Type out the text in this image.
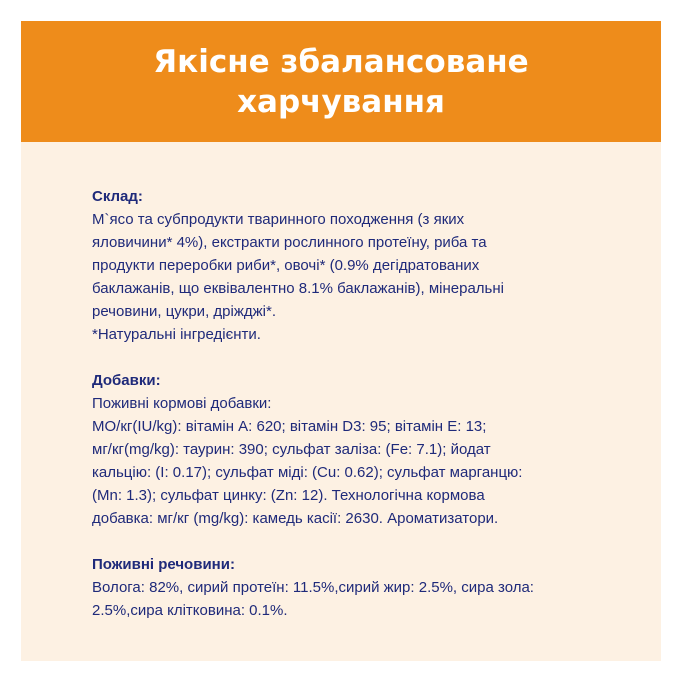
Якісне збалансоване
харчування
Склад:
М`ясо та субпродукти тваринного походження (з яких
яловичини* 4%), екстракти рослинного протеїну, риба та
продукти переробки риби*, овочі* (0.9% дегідратованих
баклажанів, що еквівалентно 8.1% баклажанів), мінеральні
речовини, цукри, дріжджі*.
*Натуральні інгредієнти.
Добавки:
Поживні кормові добавки:
МО/кг(IU/kg): вітамін A: 620; вітамін D3: 95; вітамін E: 13;
мг/кг(mg/kg): таурин: 390; сульфат заліза: (Fe: 7.1); йодат
кальцію: (I: 0.17); сульфат міді: (Cu: 0.62); сульфат марганцю:
(Mn: 1.3); сульфат цинку: (Zn: 12). Технологічна кормова
добавка: мг/кг (mg/kg): камедь касії: 2630. Ароматизатори.
Поживні речовини:
Волога: 82%, сирий протеїн: 11.5%,сирий жир: 2.5%, сира зола:
2.5%,сира клітковина: 0.1%.
